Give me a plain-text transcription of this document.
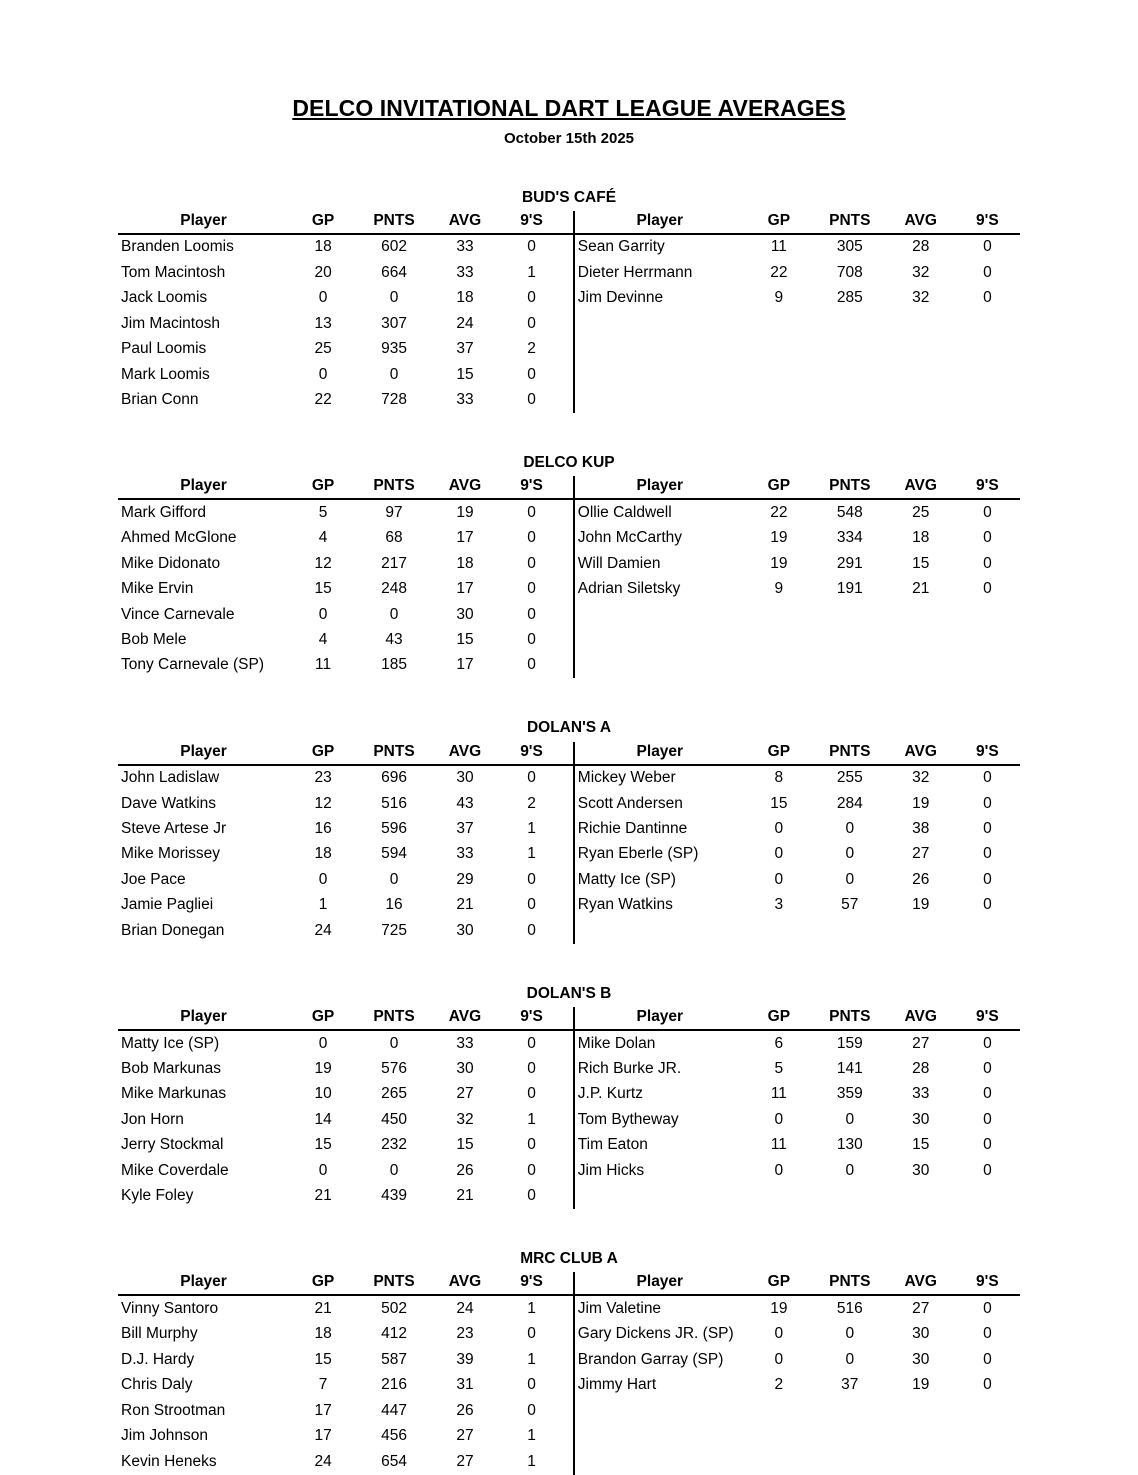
DELCO INVITATIONAL DART LEAGUE AVERAGES
October 15th 2025
BUD'S CAFÉ
Player	GP	PNTS	AVG	9'S		Player	GP	PNTS	AVG	9'S
Branden Loomis	18	602	33	0		Sean Garrity	11	305	28	0
Tom Macintosh	20	664	33	1		Dieter Herrmann	22	708	32	0
Jack Loomis	0	0	18	0		Jim Devinne	9	285	32	0
Jim Macintosh	13	307	24	0						
Paul Loomis	25	935	37	2						
Mark Loomis	0	0	15	0						
Brian Conn	22	728	33	0						
DELCO KUP
Player	GP	PNTS	AVG	9'S		Player	GP	PNTS	AVG	9'S
Mark Gifford	5	97	19	0		Ollie Caldwell	22	548	25	0
Ahmed McGlone	4	68	17	0		John McCarthy	19	334	18	0
Mike Didonato	12	217	18	0		Will Damien	19	291	15	0
Mike Ervin	15	248	17	0		Adrian Siletsky	9	191	21	0
Vince Carnevale	0	0	30	0						
Bob Mele	4	43	15	0						
Tony Carnevale (SP)	11	185	17	0						
DOLAN'S A
Player	GP	PNTS	AVG	9'S		Player	GP	PNTS	AVG	9'S
John Ladislaw	23	696	30	0		Mickey Weber	8	255	32	0
Dave Watkins	12	516	43	2		Scott Andersen	15	284	19	0
Steve Artese Jr	16	596	37	1		Richie Dantinne	0	0	38	0
Mike Morissey	18	594	33	1		Ryan Eberle (SP)	0	0	27	0
Joe Pace	0	0	29	0		Matty Ice (SP)	0	0	26	0
Jamie Pagliei	1	16	21	0		Ryan Watkins	3	57	19	0
Brian Donegan	24	725	30	0						
DOLAN'S B
Player	GP	PNTS	AVG	9'S		Player	GP	PNTS	AVG	9'S
Matty Ice (SP)	0	0	33	0		Mike Dolan	6	159	27	0
Bob Markunas	19	576	30	0		Rich Burke JR.	5	141	28	0
Mike Markunas	10	265	27	0		J.P. Kurtz	11	359	33	0
Jon Horn	14	450	32	1		Tom Bytheway	0	0	30	0
Jerry Stockmal	15	232	15	0		Tim Eaton	11	130	15	0
Mike Coverdale	0	0	26	0		Jim Hicks	0	0	30	0
Kyle Foley	21	439	21	0						
MRC CLUB A
Player	GP	PNTS	AVG	9'S		Player	GP	PNTS	AVG	9'S
Vinny Santoro	21	502	24	1		Jim Valetine	19	516	27	0
Bill Murphy	18	412	23	0		Gary Dickens JR. (SP)	0	0	30	0
D.J. Hardy	15	587	39	1		Brandon Garray (SP)	0	0	30	0
Chris Daly	7	216	31	0		Jimmy Hart	2	37	19	0
Ron Strootman	17	447	26	0						
Jim Johnson	17	456	27	1						
Kevin Heneks	24	654	27	1						
